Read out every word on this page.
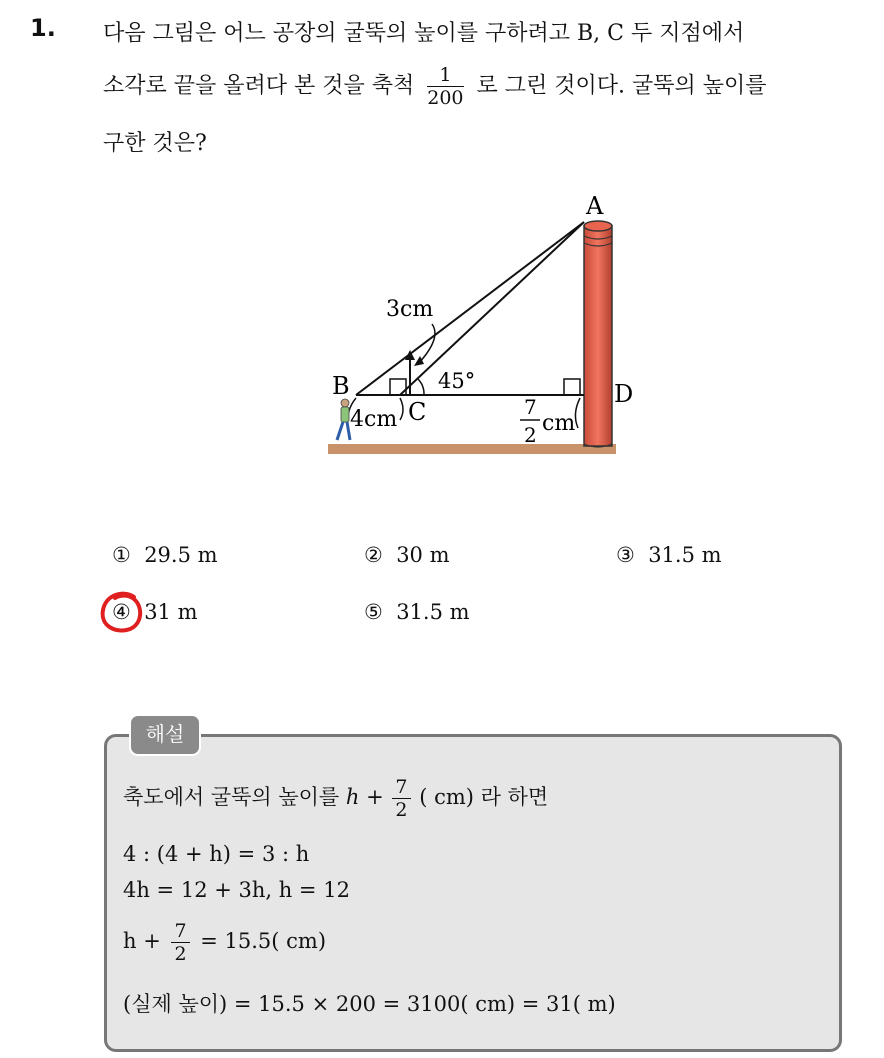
1. 다음 그림은 어느 공장의 굴뚝의 높이를 구하려고 B, C 두 지점에서
소각로 끝을 올려다 본 것을 축척 $\frac{1}{200}$ 로 그린 것이다. 굴뚝의 높이를
구한 것은?
A
B
C
D
3cm
45°
4cm	7
2 cm
① 29.5 m	② 30 m	③ 31.5 m
④ 31 m	⑤ 31.5 m
해설
축도에서 굴뚝의 높이를 $h + \frac{7}{2}$ ( cm) 라 하면
4 : (4 + h) = 3 : h
4h = 12 + 3h, h = 12
$h + \frac{7}{2} = 15.5$( cm)
(실제 높이) = 15.5 × 200 = 3100( cm) = 31( m)
